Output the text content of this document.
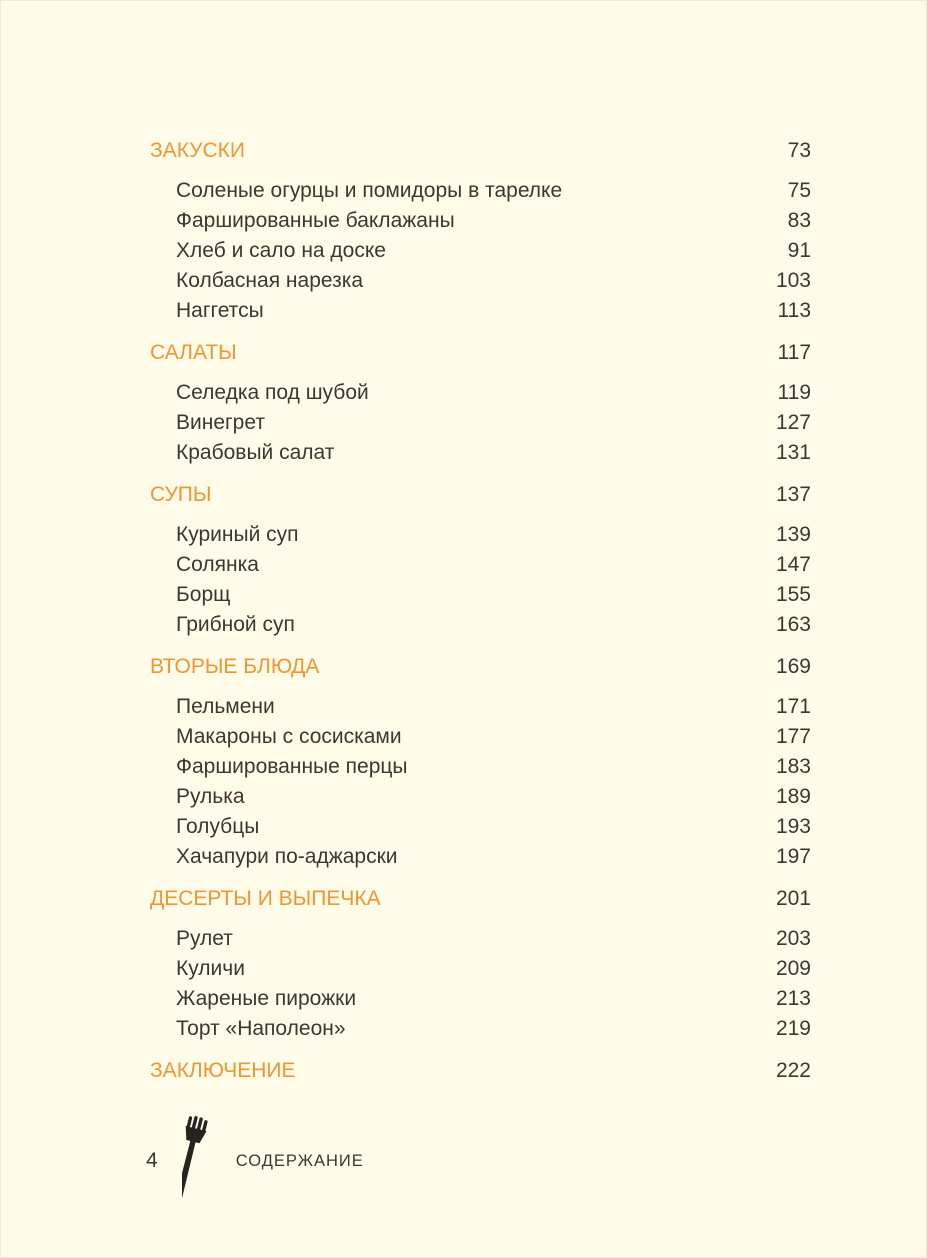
ЗАКУСКИ	73
Соленые огурцы и помидоры в тарелке	75
Фаршированные баклажаны	83
Хлеб и сало на доске	91
Колбасная нарезка	103
Наггетсы	113
САЛАТЫ	117
Селедка под шубой	119
Винегрет	127
Крабовый салат	131
СУПЫ	137
Куриный суп	139
Солянка	147
Борщ	155
Грибной суп	163
ВТОРЫЕ БЛЮДА	169
Пельмени	171
Макароны с сосисками	177
Фаршированные перцы	183
Рулька	189
Голубцы	193
Хачапури по-аджарски	197
ДЕСЕРТЫ И ВЫПЕЧКА	201
Рулет	203
Куличи	209
Жареные пирожки	213
Торт «Наполеон»	219
ЗАКЛЮЧЕНИЕ	222
4	СОДЕРЖАНИЕ
